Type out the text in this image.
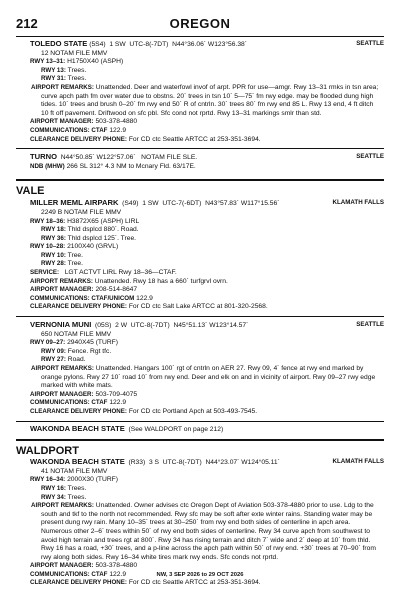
212	OREGON
TOLEDO STATE (5S4) 1 SW UTC-8(-7DT) N44°36.06´ W123°56.38´	SEATTLE
12 NOTAM FILE MMV
RWY 13–31: H1750X40 (ASPH)
RWY 13: Trees.
RWY 31: Trees.
AIRPORT REMARKS: Unattended. Deer and waterfowl invof of arpt. PPR for use—amgr. Rwy 13–31 rmks in tsn area; curve apch path fm over water due to obstns. 20´ trees in tsn 10´ 5—75´ fm rwy edge. may be flooded dung high tides. 10´ trees and brush 0–20´ fm rwy end 50´ R of cntrln. 30´ trees 80´ fm rwy end 85 L. Rwy 13 end, 4 ft ditch 10 ft off pavement. Driftwood on sfc pbl. Sfc cond not rprtd. Rwy 13–31 markings smlr than std.
AIRPORT MANAGER: 503-378-4880
COMMUNICATIONS: CTAF 122.9
CLEARANCE DELIVERY PHONE: For CD ctc Seattle ARTCC at 253-351-3694.
TURNO N44°50.85´ W122°57.06´ NOTAM FILE SLE.	SEATTLE
NDB (MHW) 266 SL 312° 4.3 NM to Mcnary Fld. 63/17E.
VALE
MILLER MEML AIRPARK (S49) 1 SW UTC-7(-6DT) N43°57.83´ W117°15.56´	KLAMATH FALLS
2249 B NOTAM FILE MMV
RWY 18–36: H3872X65 (ASPH) LIRL
RWY 18: Thld dsplcd 880´. Road.
RWY 36: Thld dsplcd 125´. Tree.
RWY 10–28: 2100X40 (GRVL)
RWY 10: Tree.
RWY 28: Tree.
SERVICE: LGT ACTVT LIRL Rwy 18–36—CTAF.
AIRPORT REMARKS: Unattended. Rwy 18 has a 660´ turfgrvl ovrn.
AIRPORT MANAGER: 208-514-8647
COMMUNICATIONS: CTAF/UNICOM 122.9
CLEARANCE DELIVERY PHONE: For CD ctc Salt Lake ARTCC at 801-320-2568.
VERNONIA MUNI (05S) 2 W UTC-8(-7DT) N45°51.13´ W123°14.57´	SEATTLE
650 NOTAM FILE MMV
RWY 09–27: 2940X45 (TURF)
RWY 09: Fence. Rgt tfc.
RWY 27: Road.
AIRPORT REMARKS: Unattended. Hangars 100´ rgt of cntrln on AER 27. Rwy 09, 4´ fence at rwy end marked by orange pylons. Rwy 27 10´ road 10´ from rwy end. Deer and elk on and in vicinity of airport. Rwy 09–27 rwy edge marked with white mats.
AIRPORT MANAGER: 503-709-4075
COMMUNICATIONS: CTAF 122.9
CLEARANCE DELIVERY PHONE: For CD ctc Portland Apch at 503-493-7545.
WAKONDA BEACH STATE (See WALDPORT on page 212)
WALDPORT
WAKONDA BEACH STATE (R33) 3 S UTC-8(-7DT) N44°23.07´ W124°05.11´	KLAMATH FALLS
41 NOTAM FILE MMV
RWY 16–34: 2000X30 (TURF)
RWY 16: Trees.
RWY 34: Trees.
AIRPORT REMARKS: Unattended. Owner advises ctc Oregon Dept of Aviation 503-378-4880 prior to use. Ldg to the south and tkf to the north not recommended. Rwy sfc may be soft after exte winter rains. Standing water may be present dung rwy rain. Many 10–35´ trees at 30–250´ from rwy end both sides of centerline in apch area. Numerous other 2–6´ trees within 50´ of rwy end both sides of centerline. Rwy 34 curve apch from southwest to avoid high terrain and trees rgt at 800´. Rwy 34 has rising terrain and ditch 7´ wide and 2´ deep at 10´ from thld. Rwy 16 has a road, +30´ trees, and a p-line across the apch path within 50´ of rwy end. +30´ trees at 70–90´ from rwy along both sides. Rwy 16–34 white tires mark rwy ends. Sfc conds not rprtd.
AIRPORT MANAGER: 503-378-4880
COMMUNICATIONS: CTAF 122.9
CLEARANCE DELIVERY PHONE: For CD ctc Seattle ARTCC at 253-351-3694.
NW, 3 SEP 2026 to 29 OCT 2026
